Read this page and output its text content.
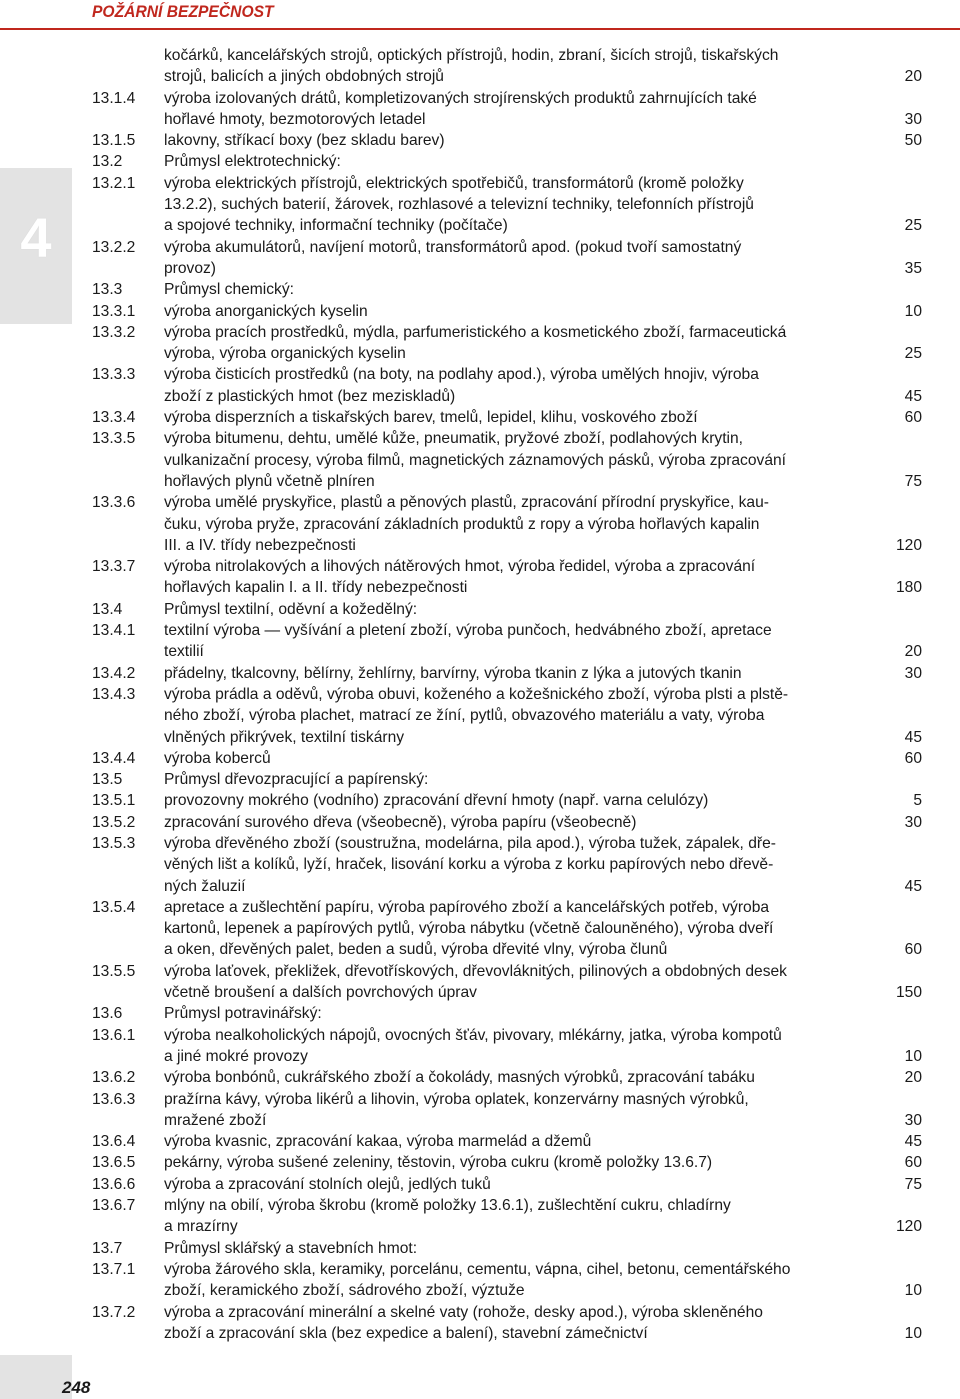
POŽÁRNÍ BEZPEČNOST
4
248
kočárků, kancelářských strojů, optických přístrojů, hodin, zbraní, šicích strojů, tiskařských
strojů, balicích a jiných obdobných strojů	20
13.1.4	výroba izolovaných drátů, kompletizovaných strojírenských produktů zahrnujících také
hořlavé hmoty, bezmotorových letadel	30
13.1.5	lakovny, stříkací boxy (bez skladu barev)	50
13.2	Průmysl elektrotechnický:
13.2.1	výroba elektrických přístrojů, elektrických spotřebičů, transformátorů (kromě položky
13.2.2), suchých baterií, žárovek, rozhlasové a televizní techniky, telefonních přístrojů
a spojové techniky, informační techniky (počítače)	25
13.2.2	výroba akumulátorů, navíjení motorů, transformátorů apod. (pokud tvoří samostatný
provoz)	35
13.3	Průmysl chemický:
13.3.1	výroba anorganických kyselin	10
13.3.2	výroba pracích prostředků, mýdla, parfumeristického a kosmetického zboží, farmaceutická
výroba, výroba organických kyselin	25
13.3.3	výroba čisticích prostředků (na boty, na podlahy apod.), výroba umělých hnojiv, výroba
zboží z plastických hmot (bez meziskladů)	45
13.3.4	výroba disperzních a tiskařských barev, tmelů, lepidel, klihu, voskového zboží	60
13.3.5	výroba bitumenu, dehtu, umělé kůže, pneumatik, pryžové zboží, podlahových krytin,
vulkanizační procesy, výroba filmů, magnetických záznamových pásků, výroba zpracování
hořlavých plynů včetně plníren	75
13.3.6	výroba umělé pryskyřice, plastů a pěnových plastů, zpracování přírodní pryskyřice, kau-
čuku, výroba pryže, zpracování základních produktů z ropy a výroba hořlavých kapalin
III. a IV. třídy nebezpečnosti	120
13.3.7	výroba nitrolakových a lihových nátěrových hmot, výroba ředidel, výroba a zpracování
hořlavých kapalin I. a II. třídy nebezpečnosti	180
13.4	Průmysl textilní, oděvní a kožedělný:
13.4.1	textilní výroba — vyšívání a pletení zboží, výroba punčoch, hedvábného zboží, apretace
textilií	20
13.4.2	přádelny, tkalcovny, bělírny, žehlírny, barvírny, výroba tkanin z lýka a jutových tkanin	30
13.4.3	výroba prádla a oděvů, výroba obuvi, koženého a kožešnického zboží, výroba plsti a plstě-
ného zboží, výroba plachet, matrací ze žíní, pytlů, obvazového materiálu a vaty, výroba
vlněných přikrývek, textilní tiskárny	45
13.4.4	výroba koberců	60
13.5	Průmysl dřevozpracující a papírenský:
13.5.1	provozovny mokrého (vodního) zpracování dřevní hmoty (např. varna celulózy)	5
13.5.2	zpracování surového dřeva (všeobecně), výroba papíru (všeobecně)	30
13.5.3	výroba dřevěného zboží (soustružna, modelárna, pila apod.), výroba tužek, zápalek, dře-
věných lišt a kolíků, lyží, hraček, lisování korku a výroba z korku papírových nebo dřevě-
ných žaluzií	45
13.5.4	apretace a zušlechtění papíru, výroba papírového zboží a kancelářských potřeb, výroba
kartonů, lepenek a papírových pytlů, výroba nábytku (včetně čalouněného), výroba dveří
a oken, dřevěných palet, beden a sudů, výroba dřevité vlny, výroba člunů	60
13.5.5	výroba laťovek, překližek, dřevotřískových, dřevovláknitých, pilinových a obdobných desek
včetně broušení a dalších povrchových úprav	150
13.6	Průmysl potravinářský:
13.6.1	výroba nealkoholických nápojů, ovocných šťáv, pivovary, mlékárny, jatka, výroba kompotů
a jiné mokré provozy	10
13.6.2	výroba bonbónů, cukrářského zboží a čokolády, masných výrobků, zpracování tabáku	20
13.6.3	pražírna kávy, výroba likérů a lihovin, výroba oplatek, konzervárny masných výrobků,
mražené zboží	30
13.6.4	výroba kvasnic, zpracování kakaa, výroba marmelád a džemů	45
13.6.5	pekárny, výroba sušené zeleniny, těstovin, výroba cukru (kromě položky 13.6.7)	60
13.6.6	výroba a zpracování stolních olejů, jedlých tuků	75
13.6.7	mlýny na obilí, výroba škrobu (kromě položky 13.6.1), zušlechtění cukru, chladírny
a mrazírny	120
13.7	Průmysl sklářský a stavebních hmot:
13.7.1	výroba žárového skla, keramiky, porcelánu, cementu, vápna, cihel, betonu, cementářského
zboží, keramického zboží, sádrového zboží, výztuže	10
13.7.2	výroba a zpracování minerální a skelné vaty (rohože, desky apod.), výroba skleněného
zboží a zpracování skla (bez expedice a balení), stavební zámečnictví	10
